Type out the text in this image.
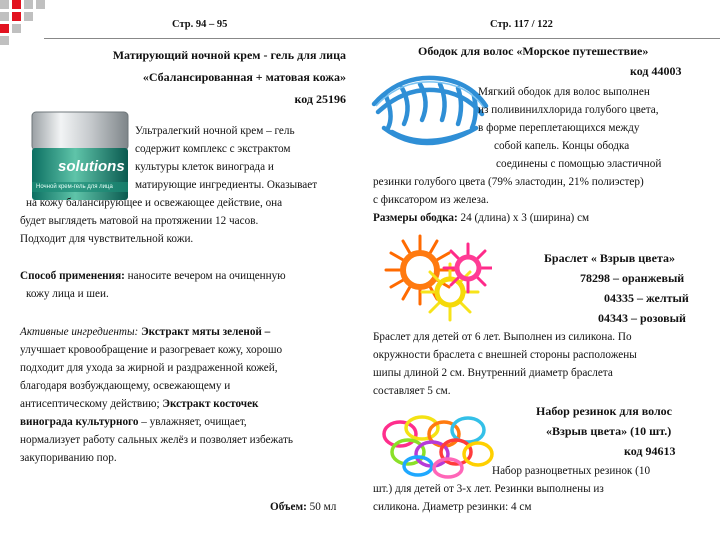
Стр. 94 – 95	Стр. 117 / 122
Матирующий ночной крем - гель для лица
«Сбалансированная + матовая кожа»
код 25196
solutions
Ночной крем-гель для лица
Ультралегкий ночной крем – гель
содержит комплекс с экстрактом
культуры клеток винограда и
матирующие ингредиенты. Оказывает
на кожу балансирующее и освежающее действие, она
будет выглядеть матовой на протяжении 12 часов.
Подходит для чувствительной кожи.
Способ применения: наносите вечером на очищенную
кожу лица и шеи.
Активные ингредиенты: Экстракт мяты зеленой –
улучшает кровообращение и разогревает кожу, хорошо
подходит для ухода за жирной и раздраженной кожей,
благодаря возбуждающему, освежающему и
антисептическому действию; Экстракт косточек
винограда культурного – увлажняет, очищает,
нормализует работу сальных желёз и позволяет избежать
закупориванию пор.
Объем: 50 мл
Ободок для волос «Морское путешествие»
код 44003
Мягкий ободок для волос выполнен
из поливинилхлорида голубого цвета,
в форме переплетающихся между
собой капель. Концы ободка
соединены с помощью эластичной
резинки голубого цвета (79% эластодин, 21% полиэстер)
с фиксатором из железа.
Размеры ободка: 24 (длина) х 3 (ширина) см
Браслет « Взрыв цвета»
78298 – оранжевый
04335 – желтый
04343 – розовый
Браслет для детей от 6 лет. Выполнен из силикона. По
окружности браслета с внешней стороны расположены
шипы длиной 2 см. Внутренний диаметр браслета
составляет 5 см.
Набор резинок для волос
«Взрыв цвета» (10 шт.)
код 94613
Набор разноцветных резинок (10
шт.) для детей от 3-х лет. Резинки выполнены из
силикона. Диаметр резинки: 4 см
